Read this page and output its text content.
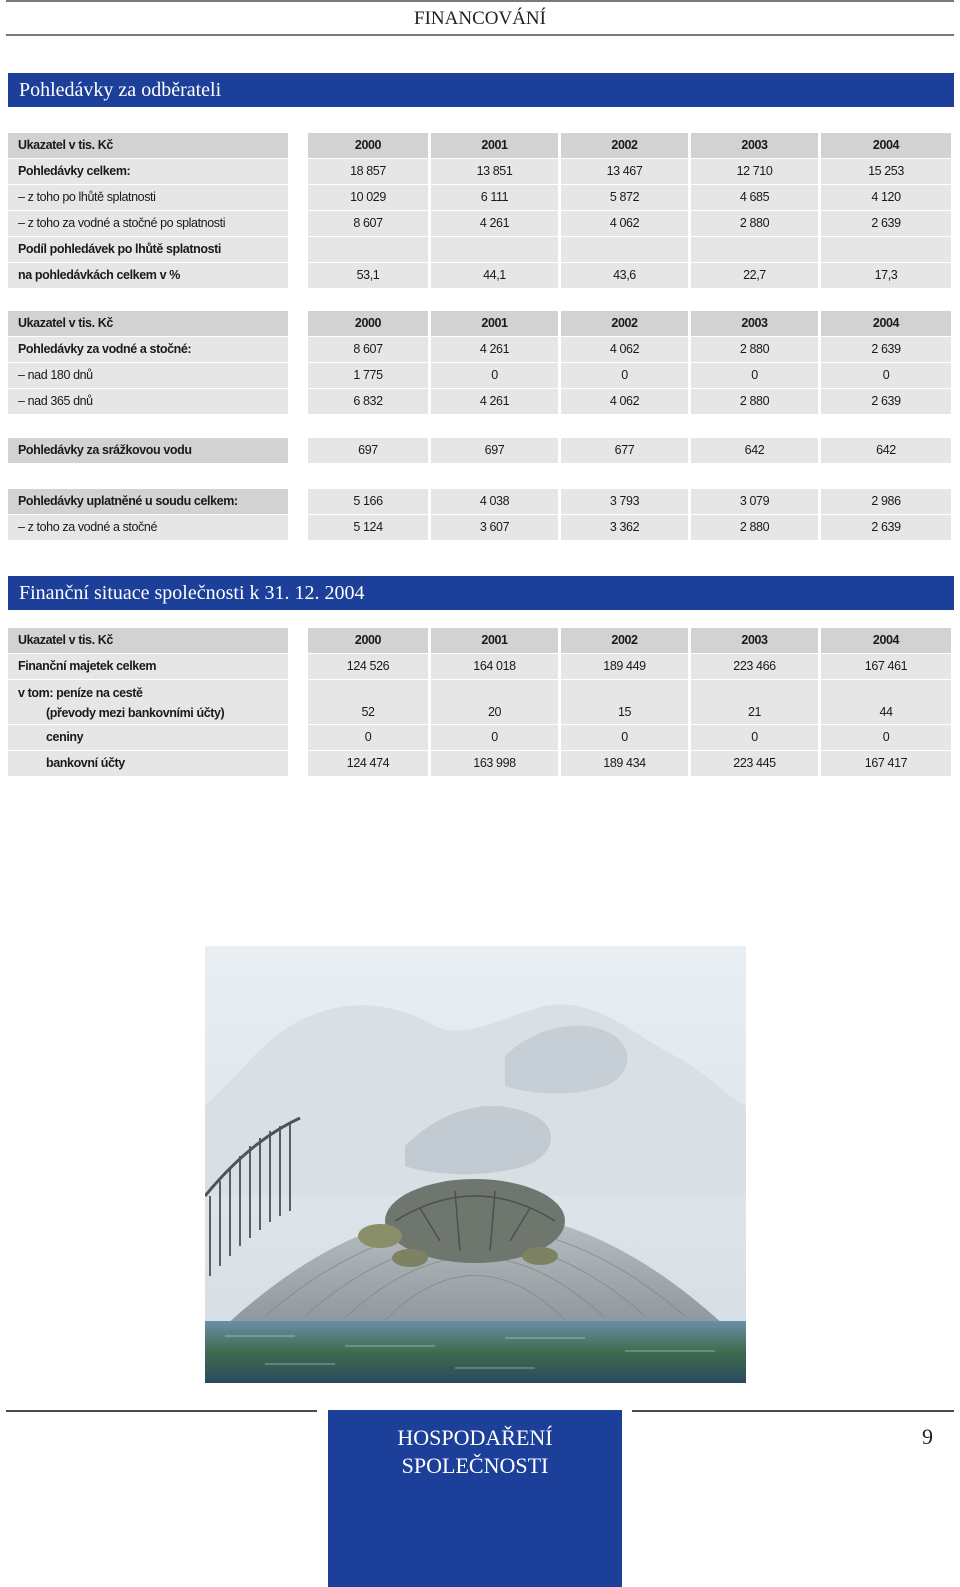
FINANCOVÁNÍ
Pohledávky za odběrateli
Ukazatel v tis. Kč	2000	2001	2002	2003	2004
Pohledávky celkem:	18 857	13 851	13 467	12 710	15 253
– z toho po lhůtě splatnosti	10 029	6 111	5 872	4 685	4 120
– z toho za vodné a stočné po splatnosti	8 607	4 261	4 062	2 880	2 639
Podíl pohledávek po lhůtě splatnosti
na pohledávkách celkem v %	53,1	44,1	43,6	22,7	17,3
Ukazatel v tis. Kč	2000	2001	2002	2003	2004
Pohledávky za vodné a stočné:	8 607	4 261	4 062	2 880	2 639
– nad 180 dnů	1 775	0	0	0	0
– nad 365 dnů	6 832	4 261	4 062	2 880	2 639
Pohledávky za srážkovou vodu	697	697	677	642	642
Pohledávky uplatněné u soudu celkem:	5 166	4 038	3 793	3 079	2 986
– z toho za vodné a stočné	5 124	3 607	3 362	2 880	2 639
Finanční situace společnosti k 31. 12. 2004
Ukazatel v tis. Kč	2000	2001	2002	2003	2004
Finanční majetek celkem	124 526	164 018	189 449	223 466	167 461
v tom: peníze na cestě
(převody mezi bankovními účty)	52	20	15	21	44
ceniny	0	0	0	0	0
bankovní účty	124 474	163 998	189 434	223 445	167 417
HOSPODAŘENÍ
SPOLEČNOSTI
9
